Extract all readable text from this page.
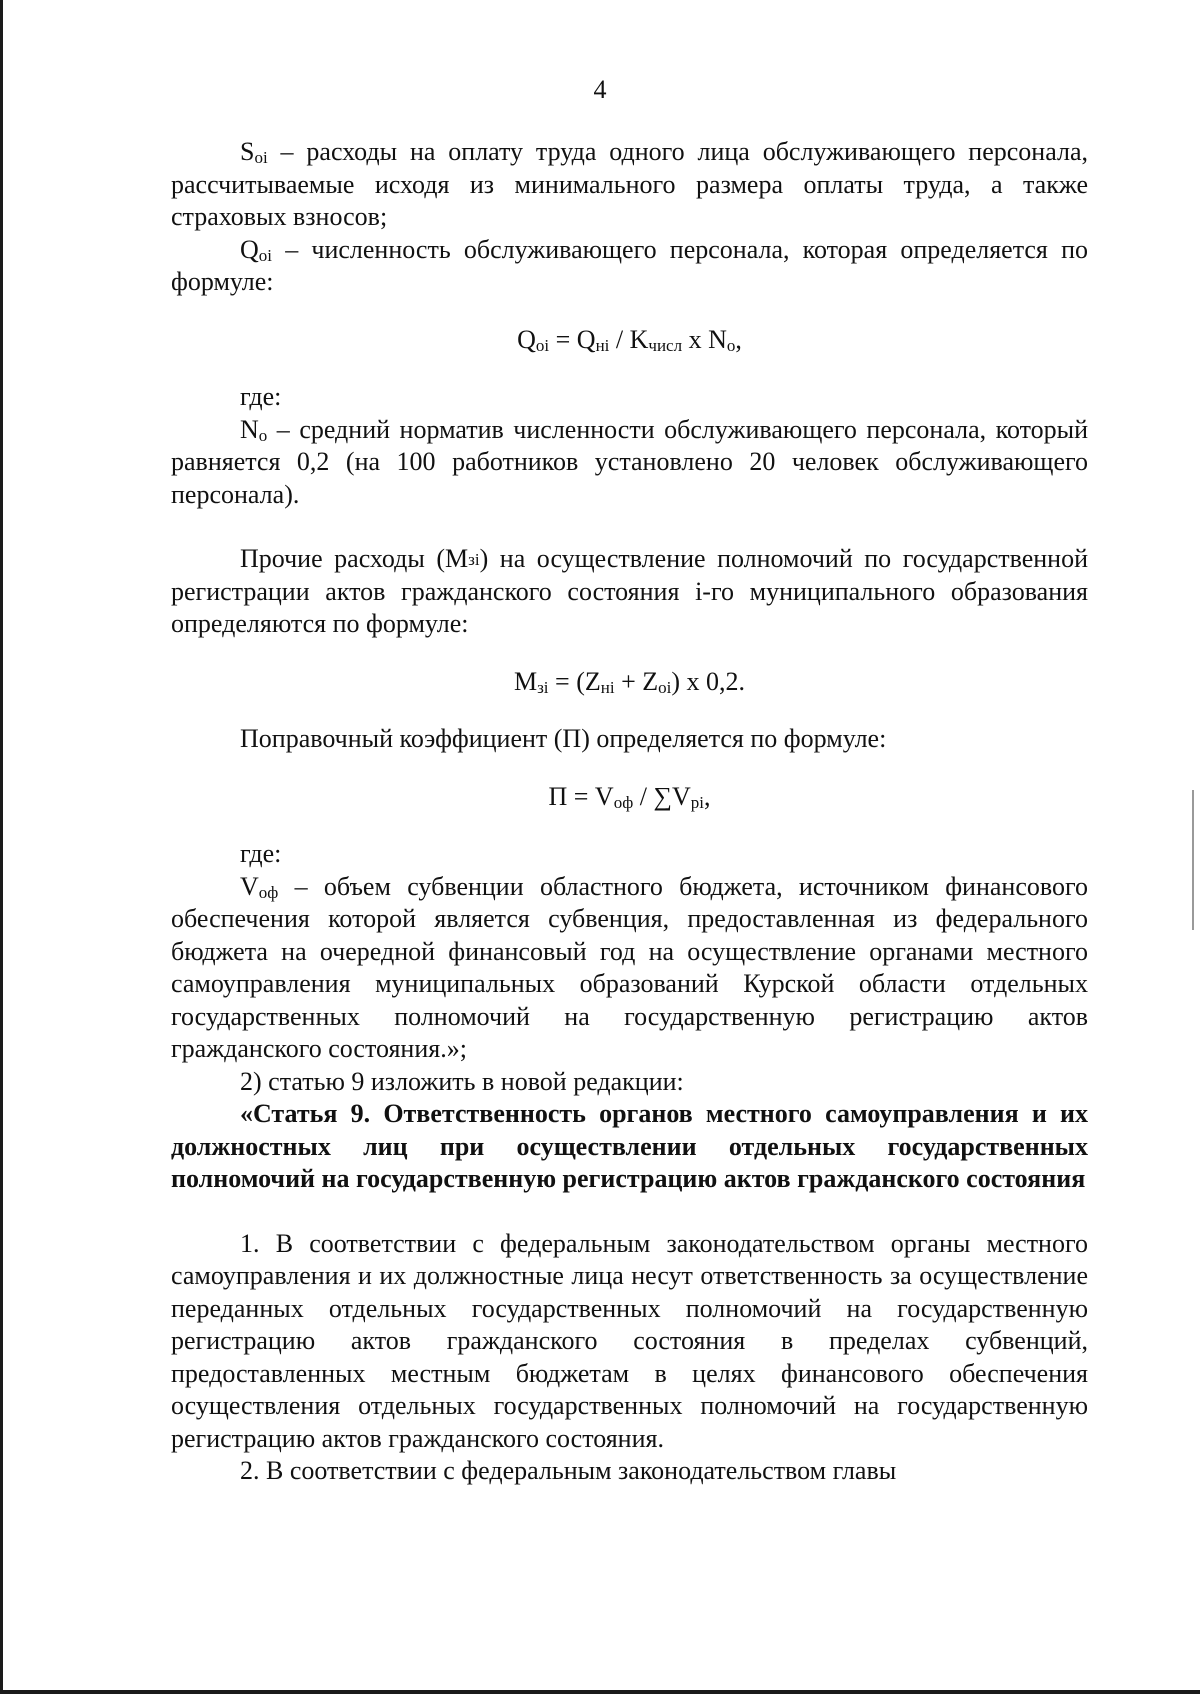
4

$S_{oi}$ – расходы на оплату труда одного лица обслуживающего персонала, рассчитываемые исходя из минимального размера оплаты труда, а также страховых взносов;

$Q_{oi}$ – численность обслуживающего персонала, которая определяется по формуле:

$Q_{oi} = Q_{нi} / K_{числ}$ x $N_o$,

где:

$N_o$ – средний норматив численности обслуживающего персонала, который равняется 0,2 (на 100 работников установлено 20 человек обслуживающего персонала).

Прочие расходы $(M_{зi})$ на осуществление полномочий по государственной регистрации актов гражданского состояния i-го муниципального образования определяются по формуле:

$M_{зi} = (Z_{нi} + Z_{oi})$ x 0,2.

Поправочный коэффициент (П) определяется по формуле:

$П = V_{оф} / \sum V_{pi}$,

где:

$V_{оф}$ – объем субвенции областного бюджета, источником финансового обеспечения которой является субвенция, предоставленная из федерального бюджета на очередной финансовый год на осуществление органами местного самоуправления муниципальных образований Курской области отдельных государственных полномочий на государственную регистрацию актов гражданского состояния.»;

2) статью 9 изложить в новой редакции:

«Статья 9. Ответственность органов местного самоуправления и их должностных лиц при осуществлении отдельных государственных полномочий на государственную регистрацию актов гражданского состояния

1. В соответствии с федеральным законодательством органы местного самоуправления и их должностные лица несут ответственность за осуществление переданных отдельных государственных полномочий на государственную регистрацию актов гражданского состояния в пределах субвенций, предоставленных местным бюджетам в целях финансового обеспечения осуществления отдельных государственных полномочий на государственную регистрацию актов гражданского состояния.

2. В соответствии с федеральным законодательством главы
